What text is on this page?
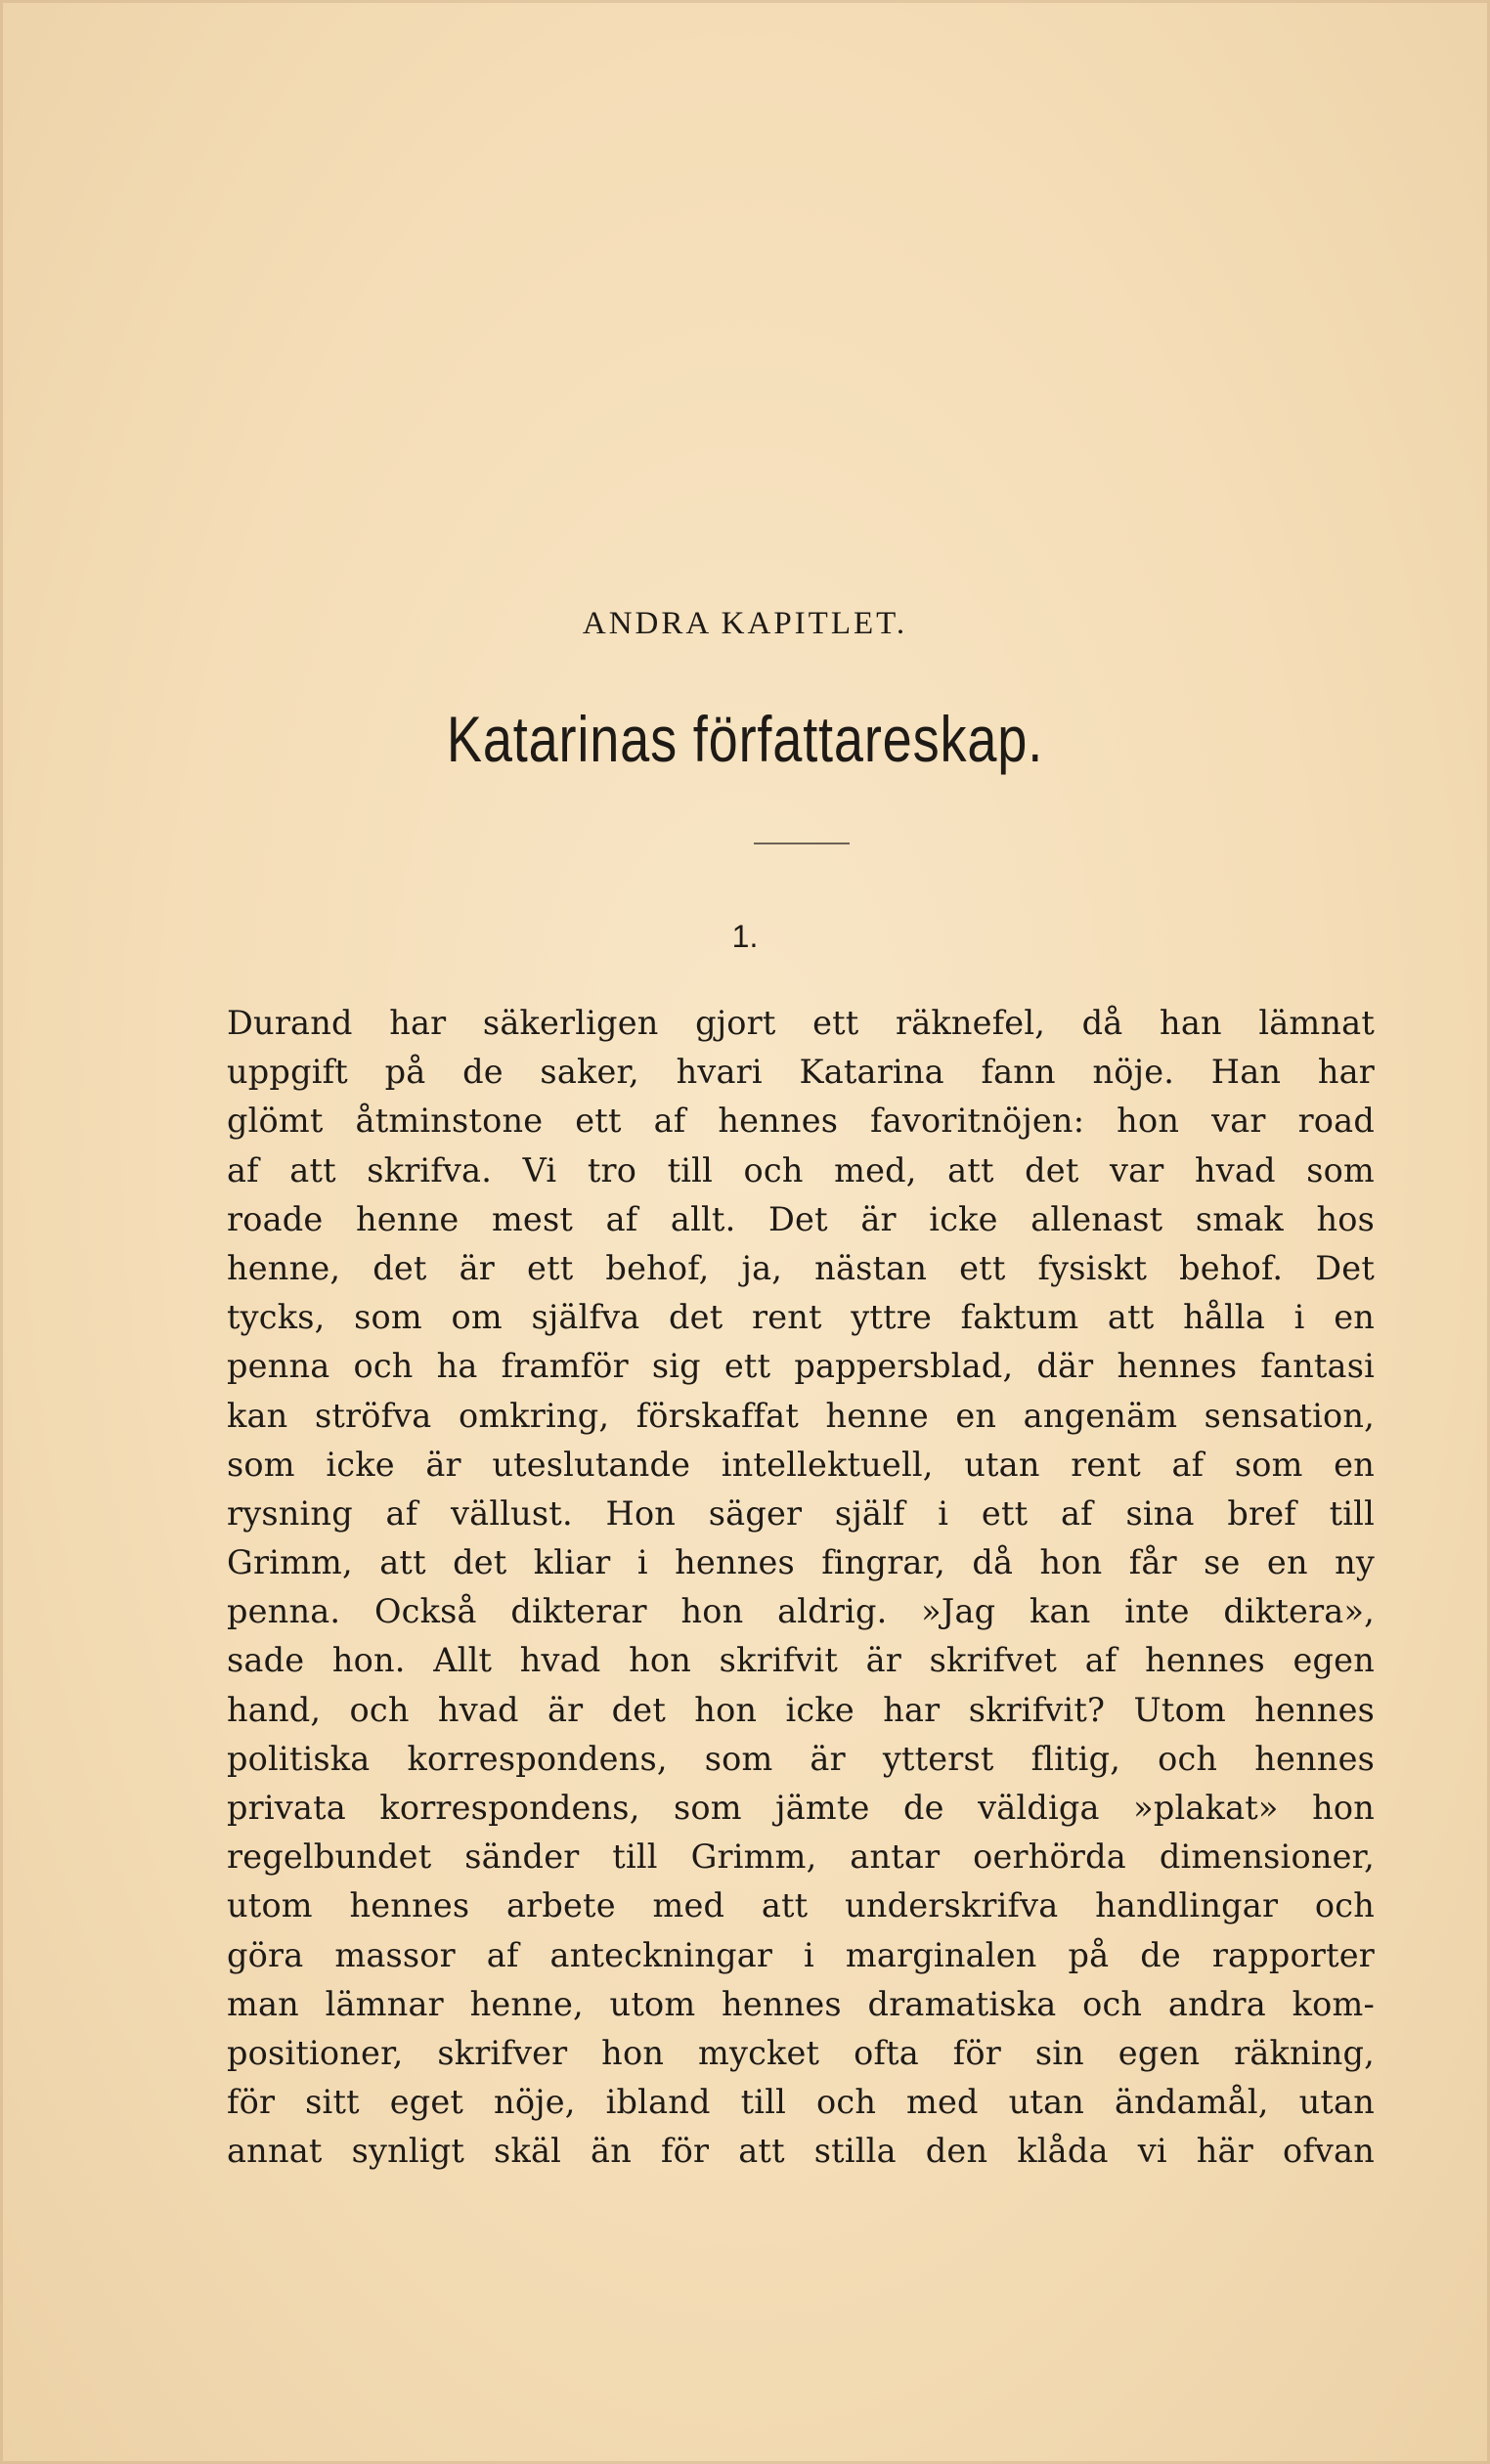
ANDRA KAPITLET.
Katarinas författareskap.
1.
Durand har säkerligen gjort ett räknefel, då han lämnat
uppgift på de saker, hvari Katarina fann nöje. Han har
glömt åtminstone ett af hennes favoritnöjen: hon var road
af att skrifva. Vi tro till och med, att det var hvad som
roade henne mest af allt. Det är icke allenast smak hos
henne, det är ett behof, ja, nästan ett fysiskt behof. Det
tycks, som om själfva det rent yttre faktum att hålla i en
penna och ha framför sig ett pappersblad, där hennes fantasi
kan ströfva omkring, förskaffat henne en angenäm sensation,
som icke är uteslutande intellektuell, utan rent af som en
rysning af vällust. Hon säger själf i ett af sina bref till
Grimm, att det kliar i hennes fingrar, då hon får se en ny
penna. Också dikterar hon aldrig. »Jag kan inte diktera»,
sade hon. Allt hvad hon skrifvit är skrifvet af hennes egen
hand, och hvad är det hon icke har skrifvit? Utom hennes
politiska korrespondens, som är ytterst flitig, och hennes
privata korrespondens, som jämte de väldiga »plakat» hon
regelbundet sänder till Grimm, antar oerhörda dimensioner,
utom hennes arbete med att underskrifva handlingar och
göra massor af anteckningar i marginalen på de rapporter
man lämnar henne, utom hennes dramatiska och andra kom-
positioner, skrifver hon mycket ofta för sin egen räkning,
för sitt eget nöje, ibland till och med utan ändamål, utan
annat synligt skäl än för att stilla den klåda vi här ofvan
